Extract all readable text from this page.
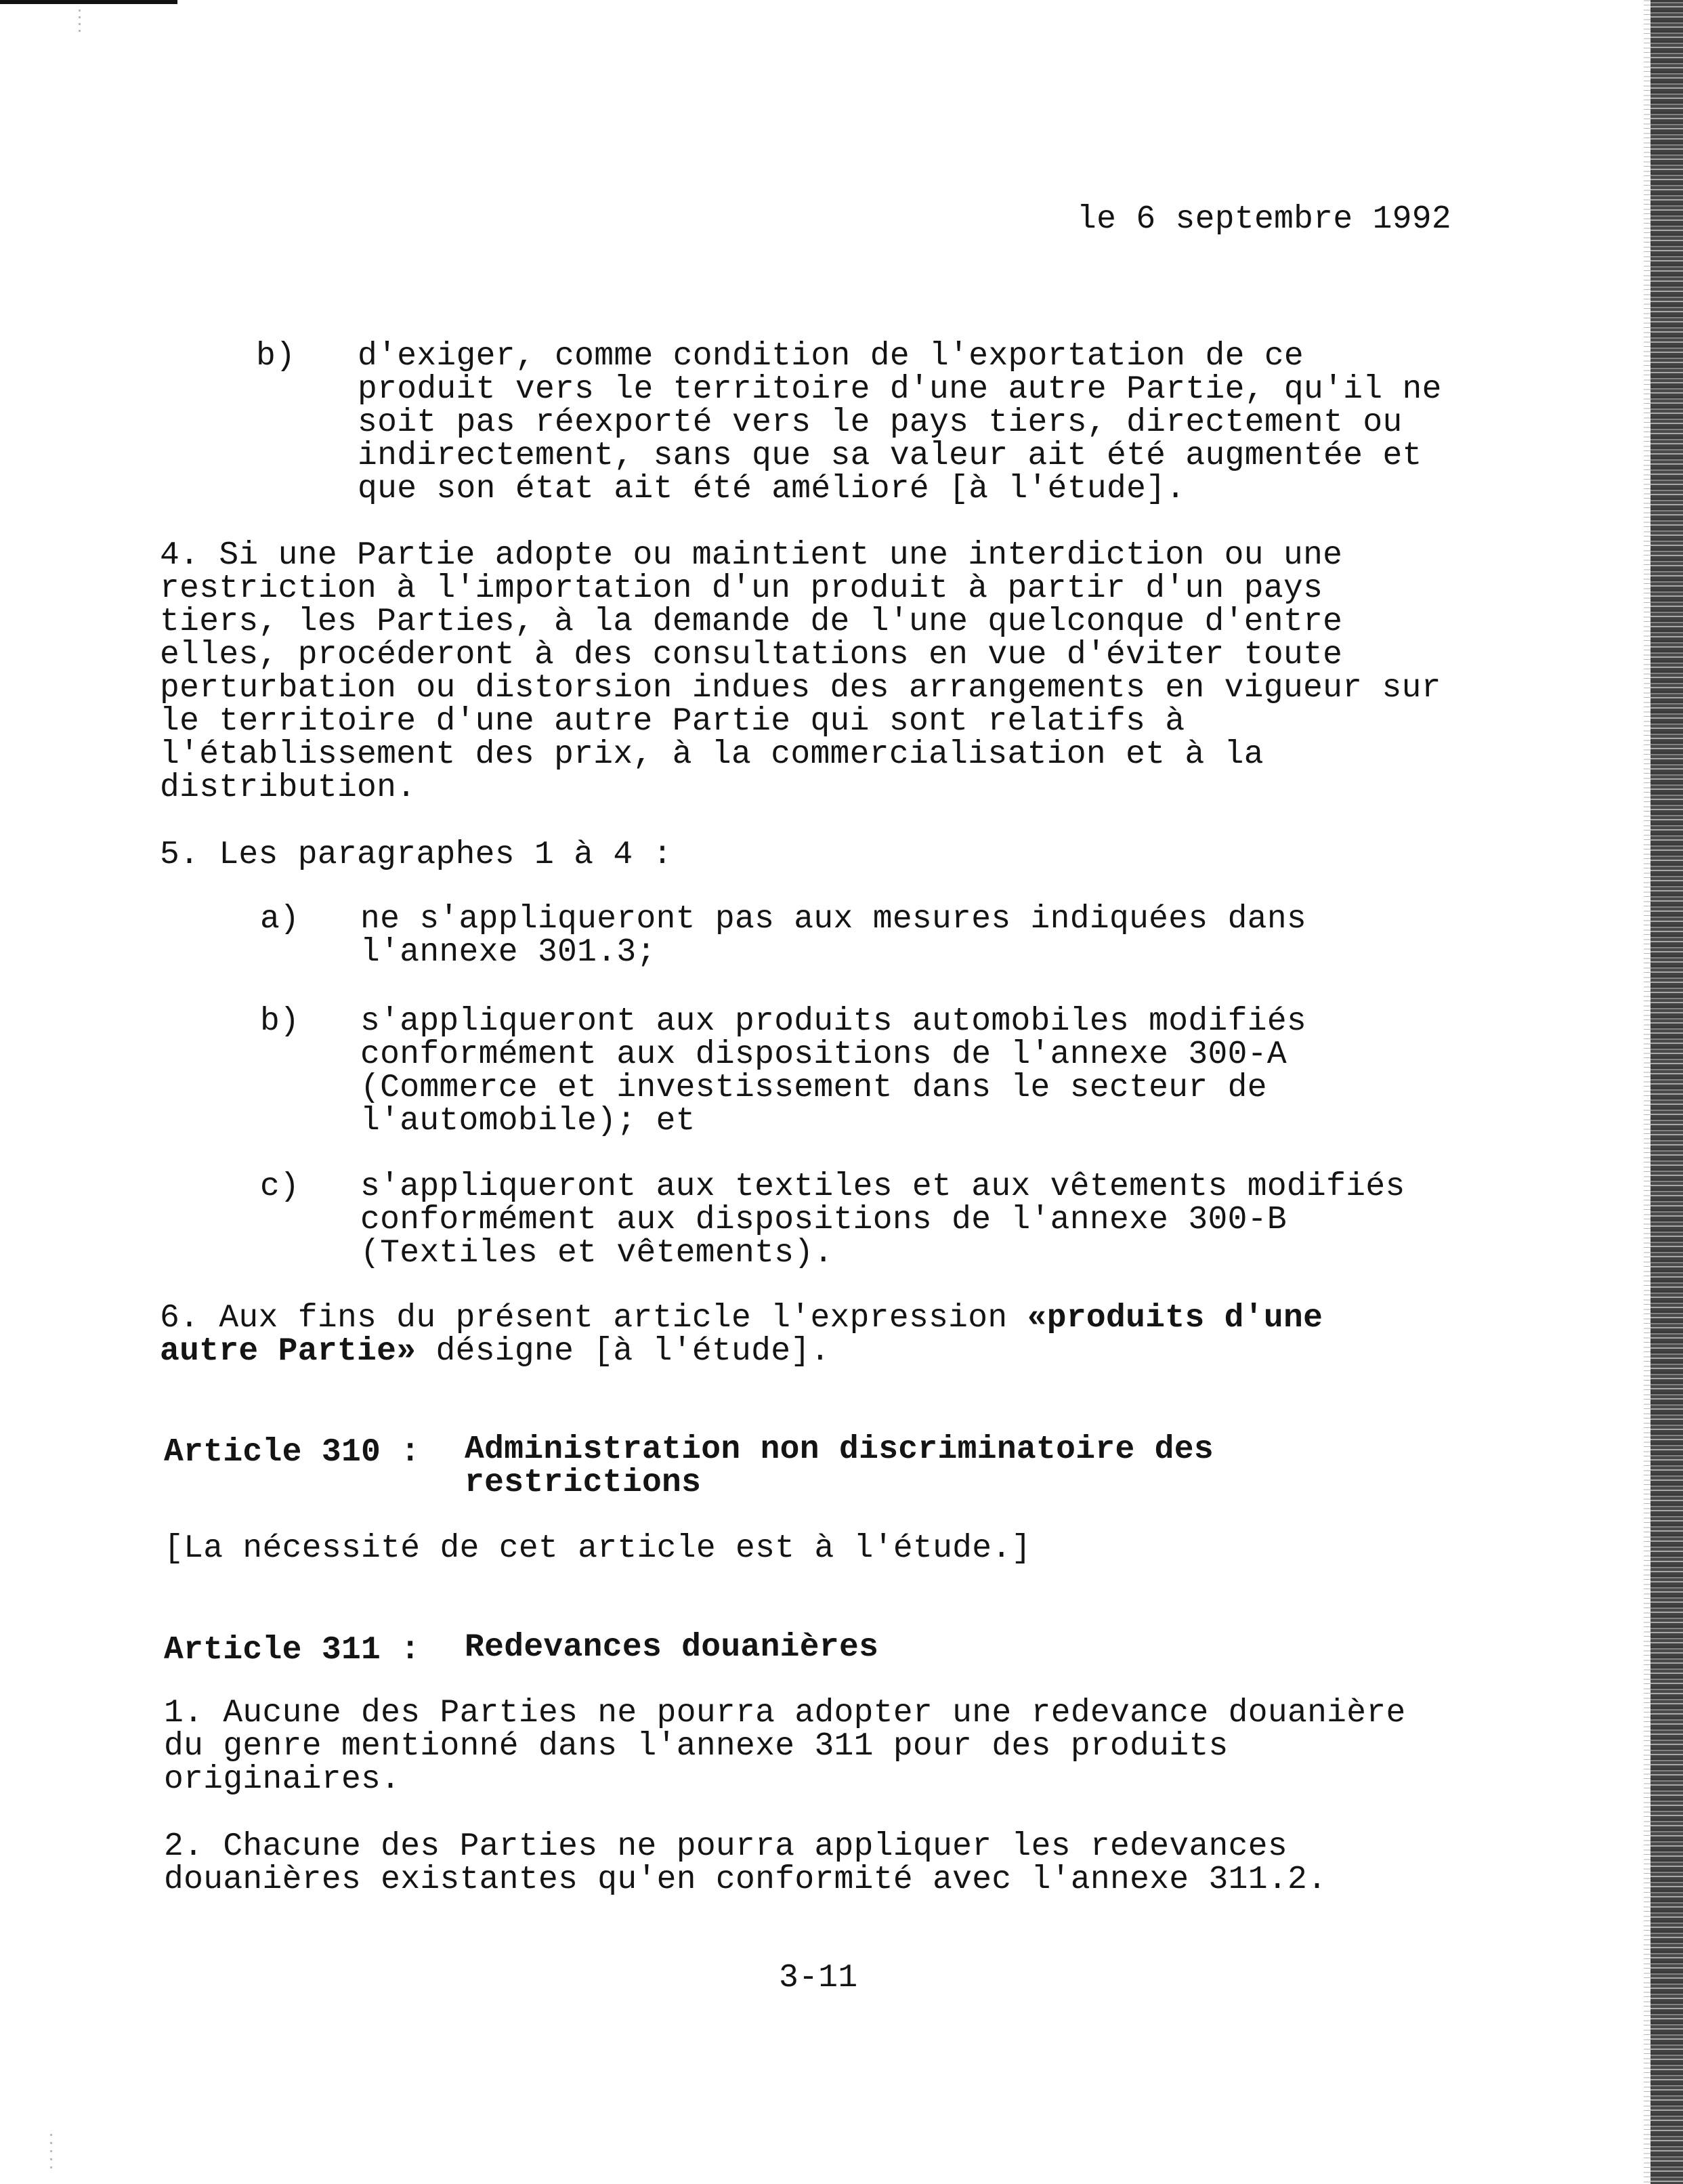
le 6 septembre 1992
b) d'exiger, comme condition de l'exportation de ce
produit vers le territoire d'une autre Partie, qu'il ne
soit pas réexporté vers le pays tiers, directement ou
indirectement, sans que sa valeur ait été augmentée et
que son état ait été amélioré [à l'étude].
4. Si une Partie adopte ou maintient une interdiction ou une
restriction à l'importation d'un produit à partir d'un pays
tiers, les Parties, à la demande de l'une quelconque d'entre
elles, procéderont à des consultations en vue d'éviter toute
perturbation ou distorsion indues des arrangements en vigueur sur
le territoire d'une autre Partie qui sont relatifs à
l'établissement des prix, à la commercialisation et à la
distribution.
5. Les paragraphes 1 à 4 :
a) ne s'appliqueront pas aux mesures indiquées dans
l'annexe 301.3;
b) s'appliqueront aux produits automobiles modifiés
conformément aux dispositions de l'annexe 300-A
(Commerce et investissement dans le secteur de
l'automobile); et
c) s'appliqueront aux textiles et aux vêtements modifiés
conformément aux dispositions de l'annexe 300-B
(Textiles et vêtements).
6. Aux fins du présent article l'expression «produits d'une
autre Partie» désigne [à l'étude].
Article 310 : Administration non discriminatoire des
restrictions
[La nécessité de cet article est à l'étude.]
Article 311 : Redevances douanières
1. Aucune des Parties ne pourra adopter une redevance douanière
du genre mentionné dans l'annexe 311 pour des produits
originaires.
2. Chacune des Parties ne pourra appliquer les redevances
douanières existantes qu'en conformité avec l'annexe 311.2.
3-11
